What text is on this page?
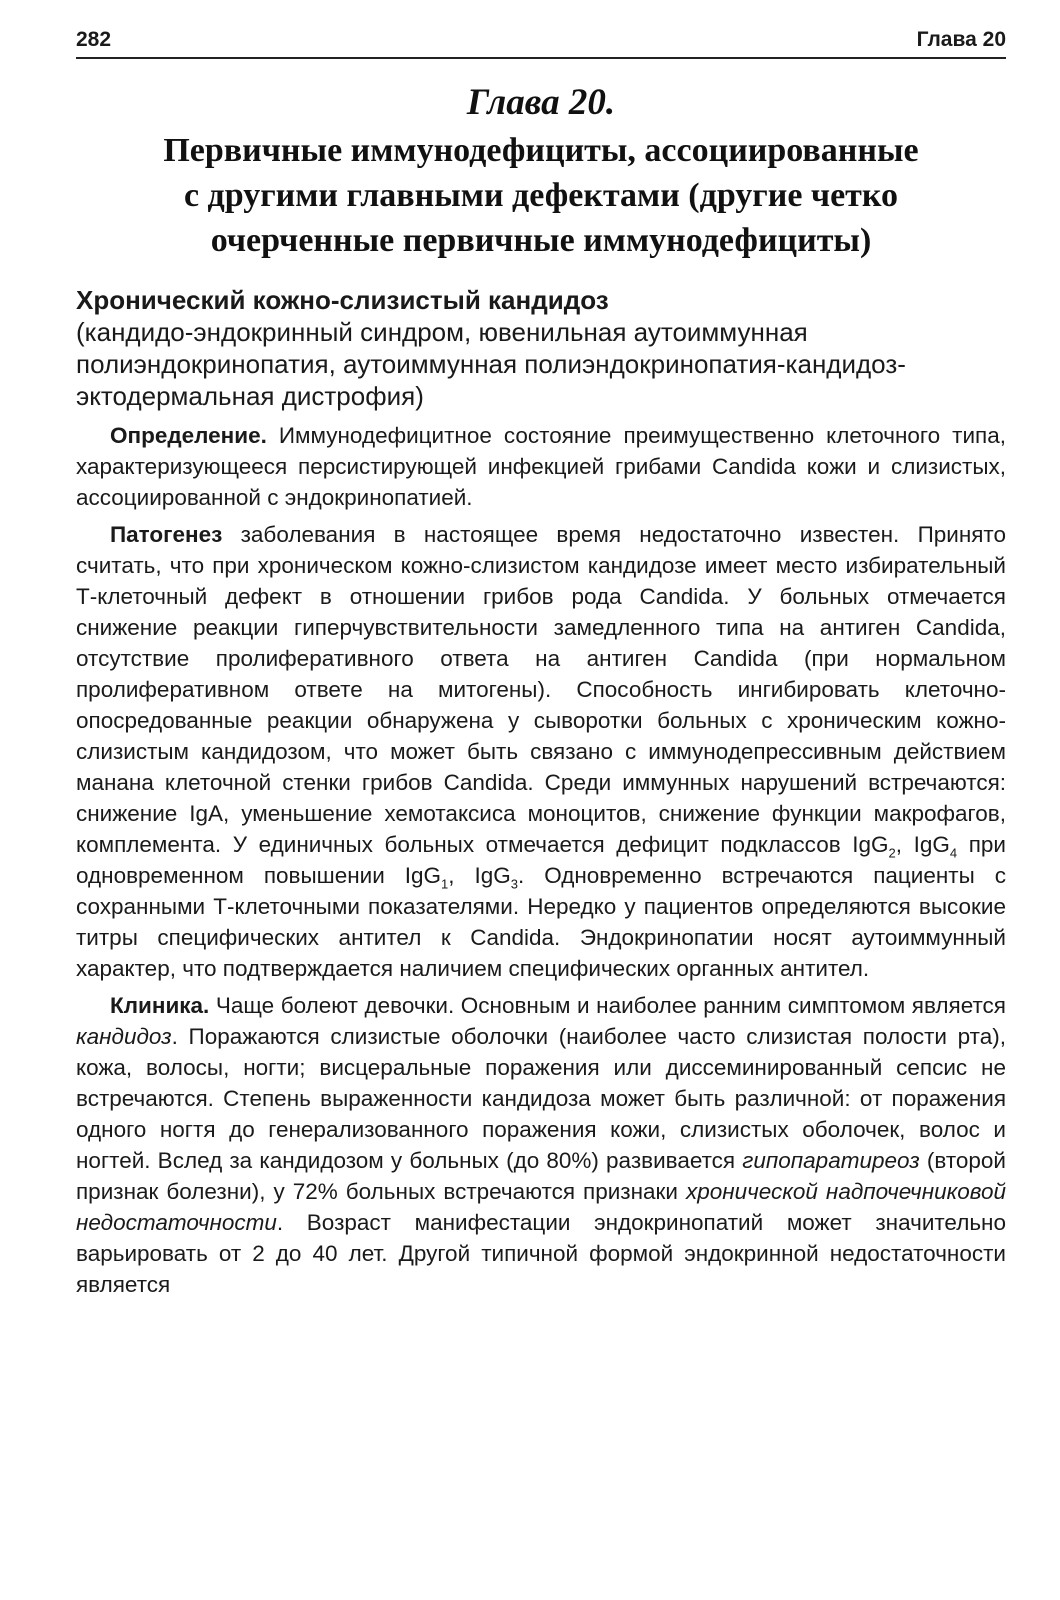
282	Глава 20
Глава 20.
Первичные иммунодефициты, ассоциированные
с другими главными дефектами (другие четко
очерченные первичные иммунодефициты)
Хронический кожно-слизистый кандидоз
(кандидо-эндокринный синдром, ювенильная аутоиммунная полиэндокринопатия, аутоиммунная полиэндокринопатия-кандидоз-эктодермальная дистрофия)

Определение. Иммунодефицитное состояние преимущественно клеточного типа, характеризующееся персистирующей инфекцией грибами Candida кожи и слизистых, ассоциированной с эндокринопатией.

Патогенез заболевания в настоящее время недостаточно известен. Принято считать, что при хроническом кожно-слизистом кандидозе имеет место избирательный Т-клеточный дефект в отношении грибов рода Candida. У больных отмечается снижение реакции гиперчувствительности замедленного типа на антиген Candida, отсутствие пролиферативного ответа на антиген Candida (при нормальном пролиферативном ответе на митогены). Способность ингибировать клеточно-опосредованные реакции обнаружена у сыворотки больных с хроническим кожно-слизистым кандидозом, что может быть связано с иммунодепрессивным действием манана клеточной стенки грибов Candida. Среди иммунных нарушений встречаются: снижение IgA, уменьшение хемотаксиса моноцитов, снижение функции макрофагов, комплемента. У единичных больных отмечается дефицит подклассов IgG$_2$, IgG$_4$ при одновременном повышении IgG$_1$, IgG$_3$. Одновременно встречаются пациенты с сохранными Т-клеточными показателями. Нередко у пациентов определяются высокие титры специфических антител к Candida. Эндокринопатии носят аутоиммунный характер, что подтверждается наличием специфических органных антител.

Клиника. Чаще болеют девочки. Основным и наиболее ранним симптомом является кандидоз. Поражаются слизистые оболочки (наиболее часто слизистая полости рта), кожа, волосы, ногти; висцеральные поражения или диссеминированный сепсис не встречаются. Степень выраженности кандидоза может быть различной: от поражения одного ногтя до генерализованного поражения кожи, слизистых оболочек, волос и ногтей. Вслед за кандидозом у больных (до 80%) развивается гипопаратиреоз (второй признак болезни), у 72% больных встречаются признаки хронической надпочечниковой недостаточности. Возраст манифестации эндокринопатий может значительно варьировать от 2 до 40 лет. Другой типичной формой эндокринной недостаточности является
